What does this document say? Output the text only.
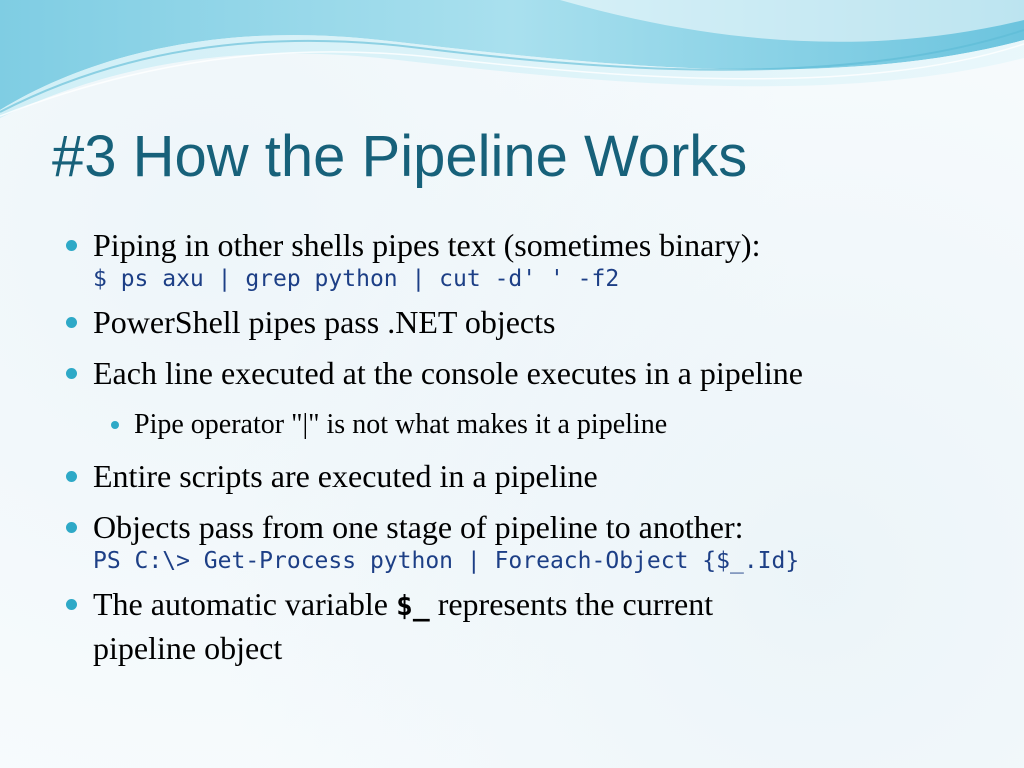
#3 How the Pipeline Works
Piping in other shells pipes text (sometimes binary):
$ ps axu | grep python | cut -d' ' -f2
PowerShell pipes pass .NET objects
Each line executed at the console executes in a pipeline
Pipe operator "|" is not what makes it a pipeline
Entire scripts are executed in a pipeline
Objects pass from one stage of pipeline to another:
PS C:\> Get-Process python | Foreach-Object {$_.Id}
The automatic variable $_ represents the current
pipeline object
